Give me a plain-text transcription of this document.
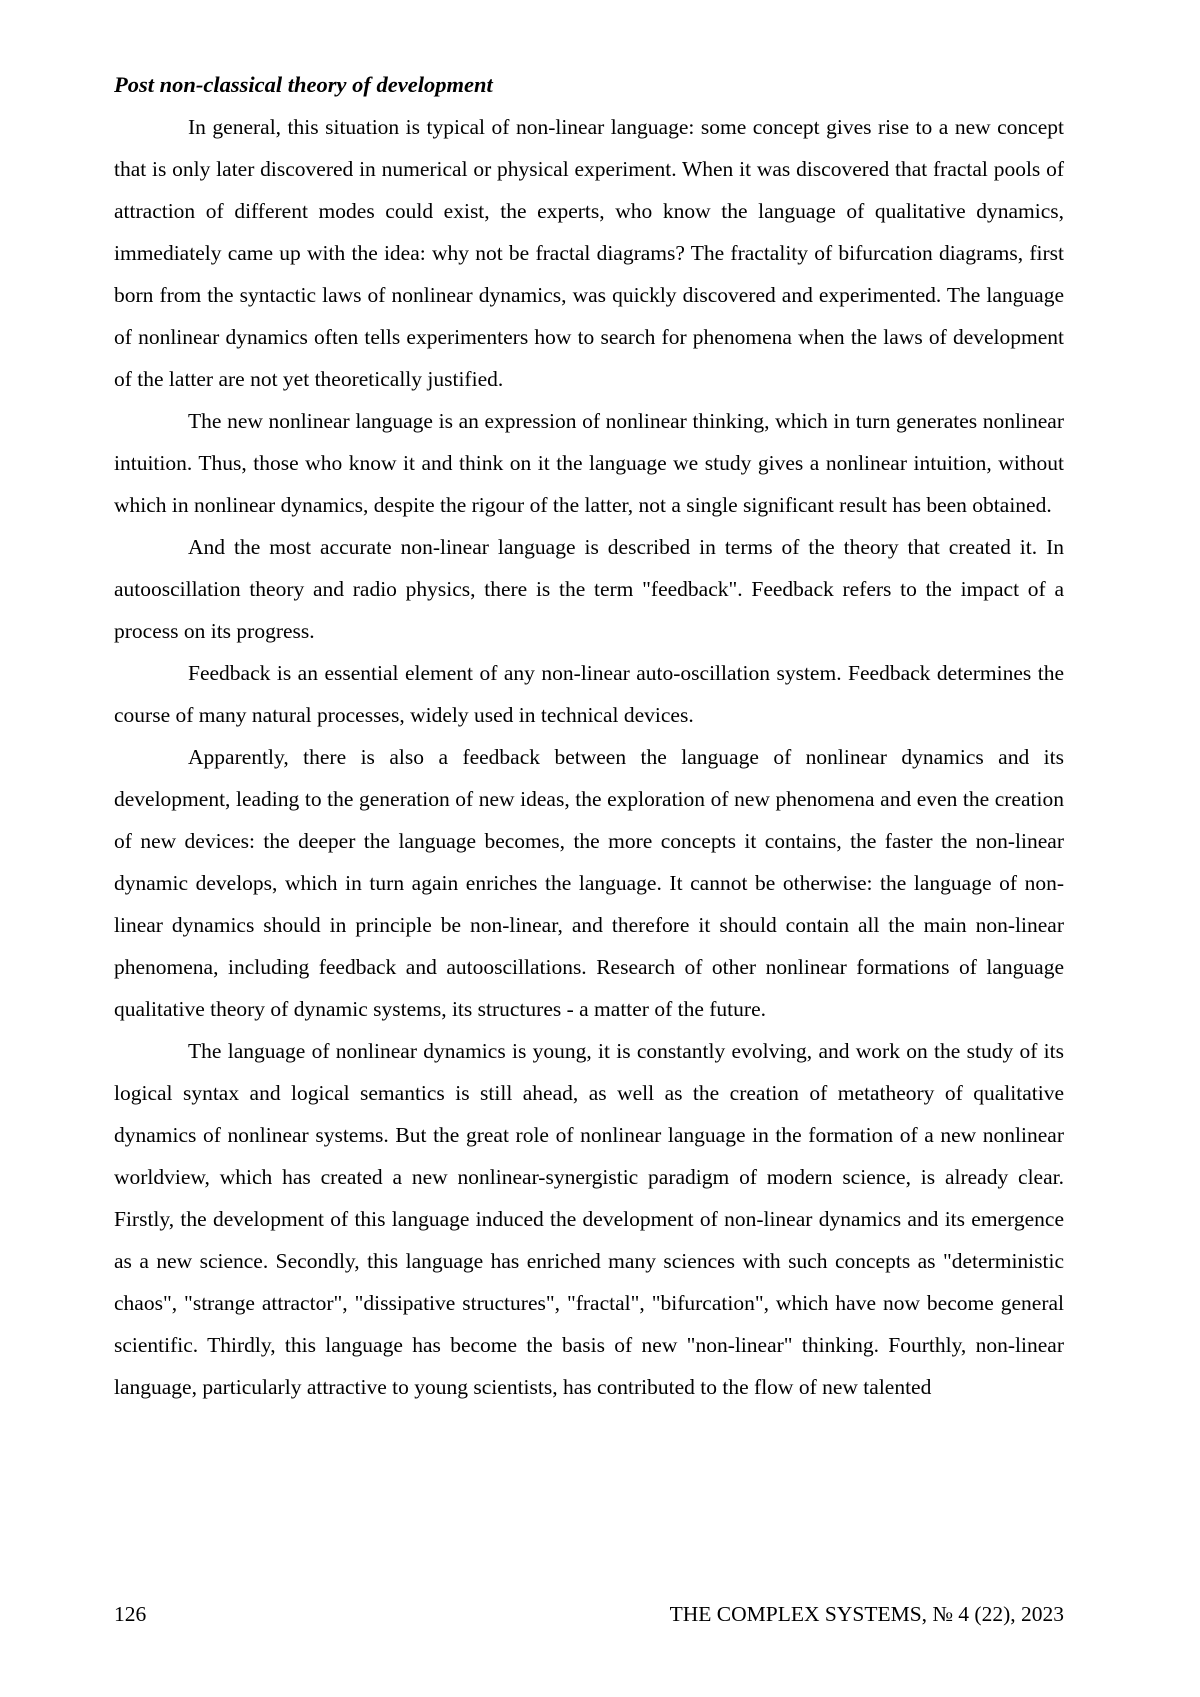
Post non-classical theory of development

In general, this situation is typical of non-linear language: some concept gives rise to a new concept that is only later discovered in numerical or physical experiment. When it was discovered that fractal pools of attraction of different modes could exist, the experts, who know the language of qualitative dynamics, immediately came up with the idea: why not be fractal diagrams? The fractality of bifurcation diagrams, first born from the syntactic laws of nonlinear dynamics, was quickly discovered and experimented. The language of nonlinear dynamics often tells experimenters how to search for phenomena when the laws of development of the latter are not yet theoretically justified.

The new nonlinear language is an expression of nonlinear thinking, which in turn generates nonlinear intuition. Thus, those who know it and think on it the language we study gives a nonlinear intuition, without which in nonlinear dynamics, despite the rigour of the latter, not a single significant result has been obtained.

And the most accurate non-linear language is described in terms of the theory that created it. In autooscillation theory and radio physics, there is the term "feedback". Feedback refers to the impact of a process on its progress.

Feedback is an essential element of any non-linear auto-oscillation system. Feedback determines the course of many natural processes, widely used in technical devices.

Apparently, there is also a feedback between the language of nonlinear dynamics and its development, leading to the generation of new ideas, the exploration of new phenomena and even the creation of new devices: the deeper the language becomes, the more concepts it contains, the faster the non-linear dynamic develops, which in turn again enriches the language. It cannot be otherwise: the language of non-linear dynamics should in principle be non-linear, and therefore it should contain all the main non-linear phenomena, including feedback and autooscillations. Research of other nonlinear formations of language qualitative theory of dynamic systems, its structures - a matter of the future.

The language of nonlinear dynamics is young, it is constantly evolving, and work on the study of its logical syntax and logical semantics is still ahead, as well as the creation of metatheory of qualitative dynamics of nonlinear systems. But the great role of nonlinear language in the formation of a new nonlinear worldview, which has created a new nonlinear-synergistic paradigm of modern science, is already clear. Firstly, the development of this language induced the development of non-linear dynamics and its emergence as a new science. Secondly, this language has enriched many sciences with such concepts as "deterministic chaos", "strange attractor", "dissipative structures", "fractal", "bifurcation", which have now become general scientific. Thirdly, this language has become the basis of new "non-linear" thinking. Fourthly, non-linear language, particularly attractive to young scientists, has contributed to the flow of new talented

126	THE COMPLEX SYSTEMS, № 4 (22), 2023
